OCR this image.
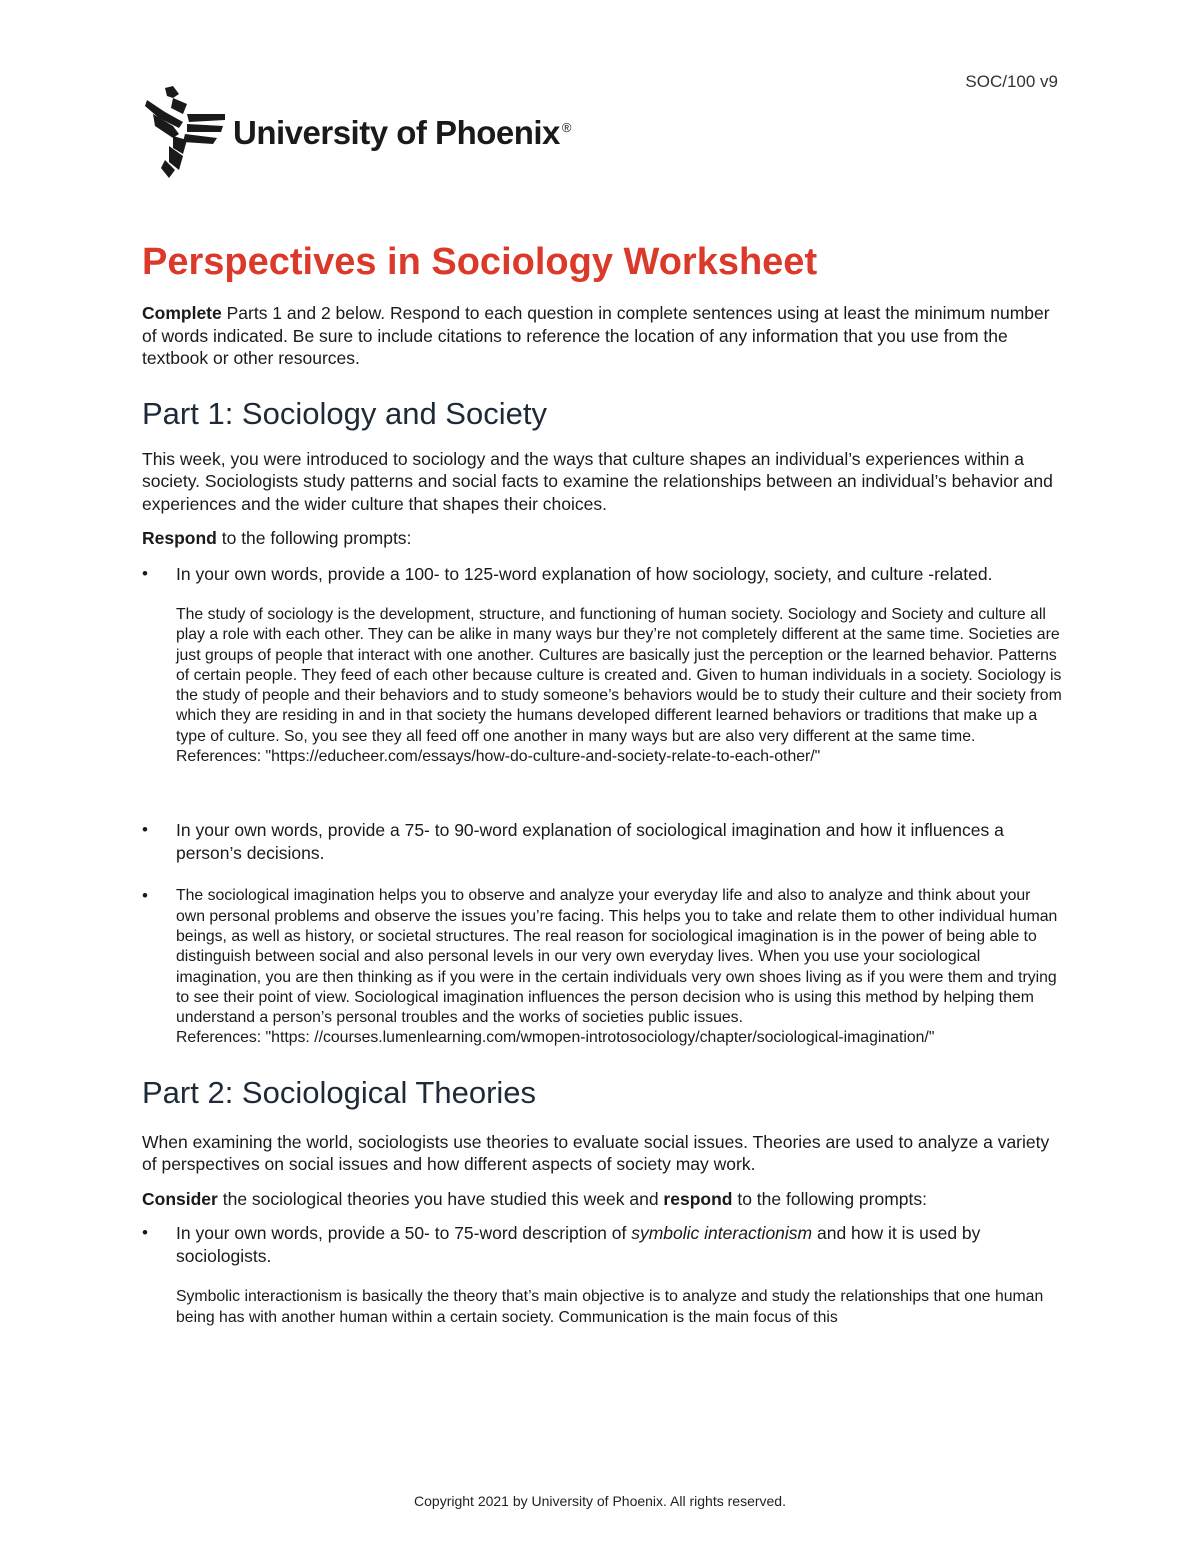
SOC/100 v9
University of Phoenix ®
Perspectives in Sociology Worksheet

Complete Parts 1 and 2 below. Respond to each question in complete sentences using at least the minimum number of words indicated. Be sure to include citations to reference the location of any information that you use from the textbook or other resources.

Part 1: Sociology and Society

This week, you were introduced to sociology and the ways that culture shapes an individual’s experiences within a society. Sociologists study patterns and social facts to examine the relationships between an individual’s behavior and experiences and the wider culture that shapes their choices.

Respond to the following prompts:

• In your own words, provide a 100- to 125-word explanation of how sociology, society, and culture -related.
The study of sociology is the development, structure, and functioning of human society. Sociology and Society and culture all play a role with each other. They can be alike in many ways bur they’re not completely different at the same time. Societies are just groups of people that interact with one another. Cultures are basically just the perception or the learned behavior. Patterns of certain people. They feed of each other because culture is created and. Given to human individuals in a society. Sociology is the study of people and their behaviors and to study someone’s behaviors would be to study their culture and their society from which they are residing in and in that society the humans developed different learned behaviors or traditions that make up a type of culture. So, you see they all feed off one another in many ways but are also very different at the same time.
References: "https://educheer.com/essays/how-do-culture-and-society-relate-to-each-other/"
• In your own words, provide a 75- to 90-word explanation of sociological imagination and how it influences a person’s decisions.
• The sociological imagination helps you to observe and analyze your everyday life and also to analyze and think about your own personal problems and observe the issues you’re facing. This helps you to take and relate them to other individual human beings, as well as history, or societal structures. The real reason for sociological imagination is in the power of being able to distinguish between social and also personal levels in our very own everyday lives. When you use your sociological imagination, you are then thinking as if you were in the certain individuals very own shoes living as if you were them and trying to see their point of view. Sociological imagination influences the person decision who is using this method by helping them understand a person’s personal troubles and the works of societies public issues.
References: "https: //courses.lumenlearning.com/wmopen-introtosociology/chapter/sociological-imagination/"
Part 2: Sociological Theories

When examining the world, sociologists use theories to evaluate social issues. Theories are used to analyze a variety of perspectives on social issues and how different aspects of society may work.

Consider the sociological theories you have studied this week and respond to the following prompts:

• In your own words, provide a 50- to 75-word description of symbolic interactionism and how it is used by sociologists.
Symbolic interactionism is basically the theory that’s main objective is to analyze and study the relationships that one human being has with another human within a certain society. Communication is the main focus of this
Copyright 2021 by University of Phoenix. All rights reserved.
